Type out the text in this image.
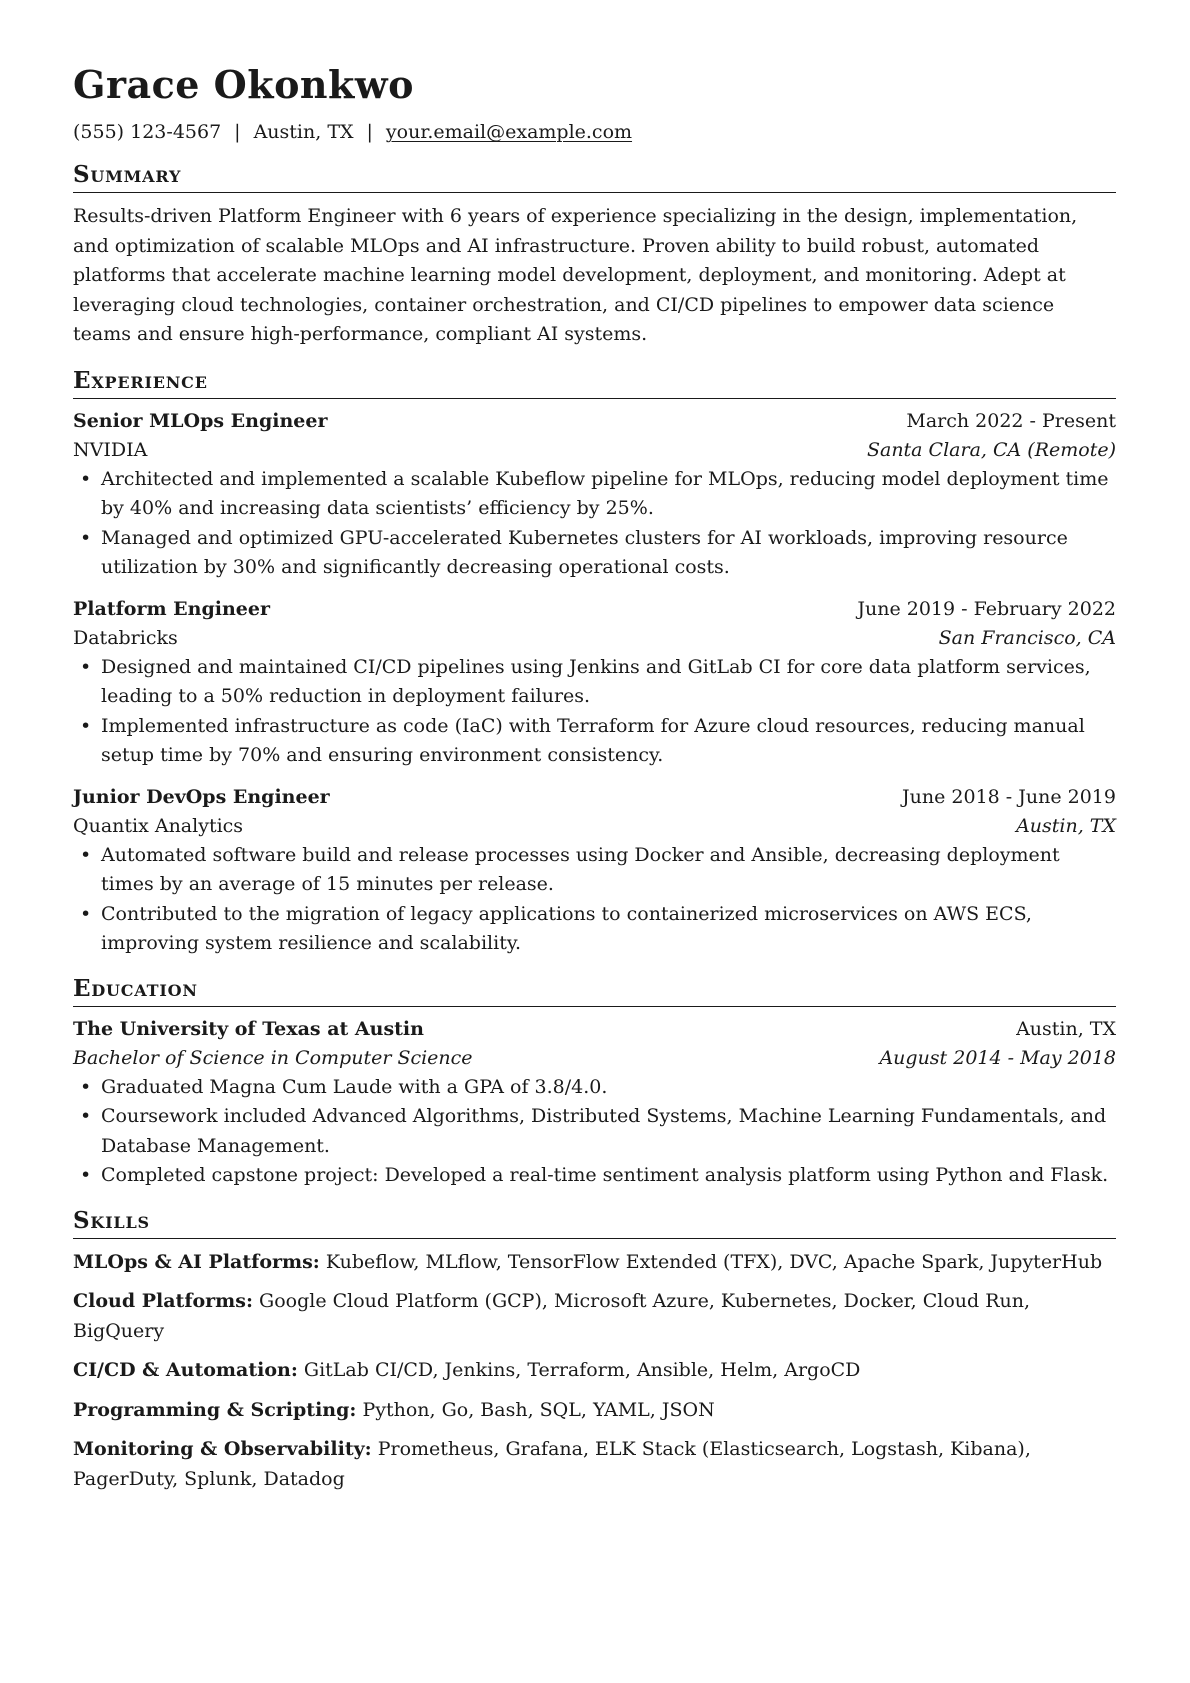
Grace Okonkwo
(555) 123-4567 | Austin, TX | your.email@example.com
Summary
Results-driven Platform Engineer with 6 years of experience specializing in the design, implementation, and optimization of scalable MLOps and AI infrastructure. Proven ability to build robust, automated platforms that accelerate machine learning model development, deployment, and monitoring. Adept at leveraging cloud technologies, container orchestration, and CI/CD pipelines to empower data science teams and ensure high-performance, compliant AI systems.
Experience
Senior MLOps Engineer	March 2022 - Present
NVIDIA	Santa Clara, CA (Remote)
• Architected and implemented a scalable Kubeflow pipeline for MLOps, reducing model deployment time by 40% and increasing data scientists’ efficiency by 25%.
• Managed and optimized GPU-accelerated Kubernetes clusters for AI workloads, improving resource utilization by 30% and significantly decreasing operational costs.
Platform Engineer	June 2019 - February 2022
Databricks	San Francisco, CA
• Designed and maintained CI/CD pipelines using Jenkins and GitLab CI for core data platform services, leading to a 50% reduction in deployment failures.
• Implemented infrastructure as code (IaC) with Terraform for Azure cloud resources, reducing manual setup time by 70% and ensuring environment consistency.
Junior DevOps Engineer	June 2018 - June 2019
Quantix Analytics	Austin, TX
• Automated software build and release processes using Docker and Ansible, decreasing deployment times by an average of 15 minutes per release.
• Contributed to the migration of legacy applications to containerized microservices on AWS ECS, improving system resilience and scalability.
Education
The University of Texas at Austin	Austin, TX
Bachelor of Science in Computer Science	August 2014 - May 2018
• Graduated Magna Cum Laude with a GPA of 3.8/4.0.
• Coursework included Advanced Algorithms, Distributed Systems, Machine Learning Fundamentals, and Database Management.
• Completed capstone project: Developed a real-time sentiment analysis platform using Python and Flask.
Skills
MLOps & AI Platforms: Kubeflow, MLflow, TensorFlow Extended (TFX), DVC, Apache Spark, JupyterHub
Cloud Platforms: Google Cloud Platform (GCP), Microsoft Azure, Kubernetes, Docker, Cloud Run, BigQuery
CI/CD & Automation: GitLab CI/CD, Jenkins, Terraform, Ansible, Helm, ArgoCD
Programming & Scripting: Python, Go, Bash, SQL, YAML, JSON
Monitoring & Observability: Prometheus, Grafana, ELK Stack (Elasticsearch, Logstash, Kibana), PagerDuty, Splunk, Datadog
